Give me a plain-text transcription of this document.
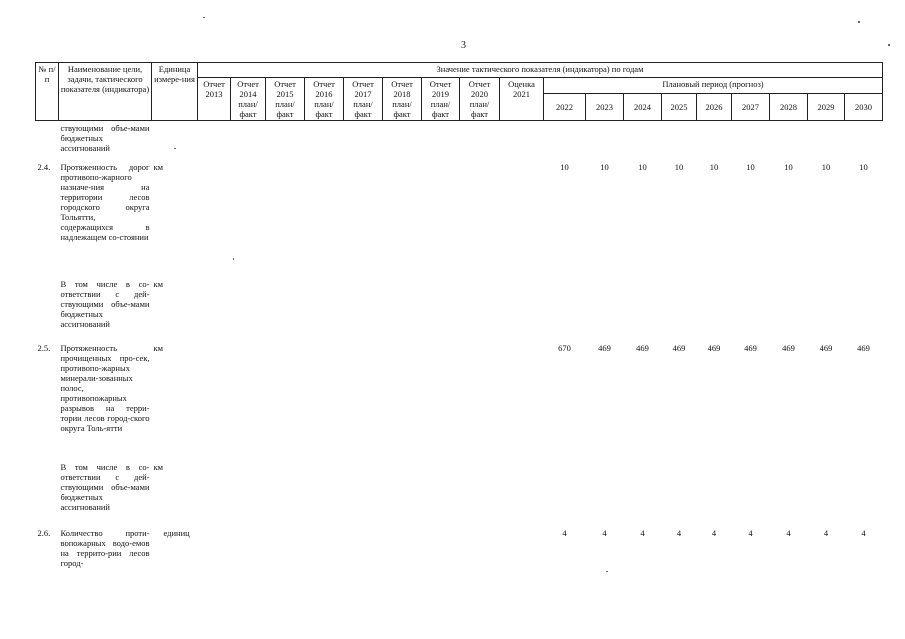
3
№ п/п	Наименование цели, задачи, тактического показателя (индикатора)	Единица измере-ния	Значение тактического показателя (индикатора) по годам																	

			Отчет
2013	Отчет
2014
план/
факт	Отчет
2015
план/
факт	Отчет
2016
план/
факт	Отчет
2017
план/
факт	Отчет
2018
план/
факт	Отчет
2019
план/
факт	Отчет
2020
план/
факт	Оценка
2021	Плановый период (прогноз)								
												2022	2023	2024	2025	2026	2027	2028	2029	2030
	ствующими объе-мами бюджетных ассигнований																			
2.4.	Протяженность дорог противопо-жарного назначе-ния на территории лесов городского округа Тольятти, содержащихся в надлежащем со-стоянии	км										10	10	10	10	10	10	10	10	10
	В том числе в со-ответствии с дей-ствующими объе-мами бюджетных ассигнований	км																		
2.5.	Протяженность прочищенных про-сек, противопо-жарных минерали-зованных полос, противопожарных разрывов на терри-тории лесов город-ского округа Толь-ятти	км										670	469	469	469	469	469	469	469	469
	В том числе в со-ответствии с дей-ствующими объе-мами бюджетных ассигнований	км																		
2.6.	Количество проти-вопожарных водо-емов на террито-рии лесов город-	единиц										4	4	4	4	4	4	4	4	4
